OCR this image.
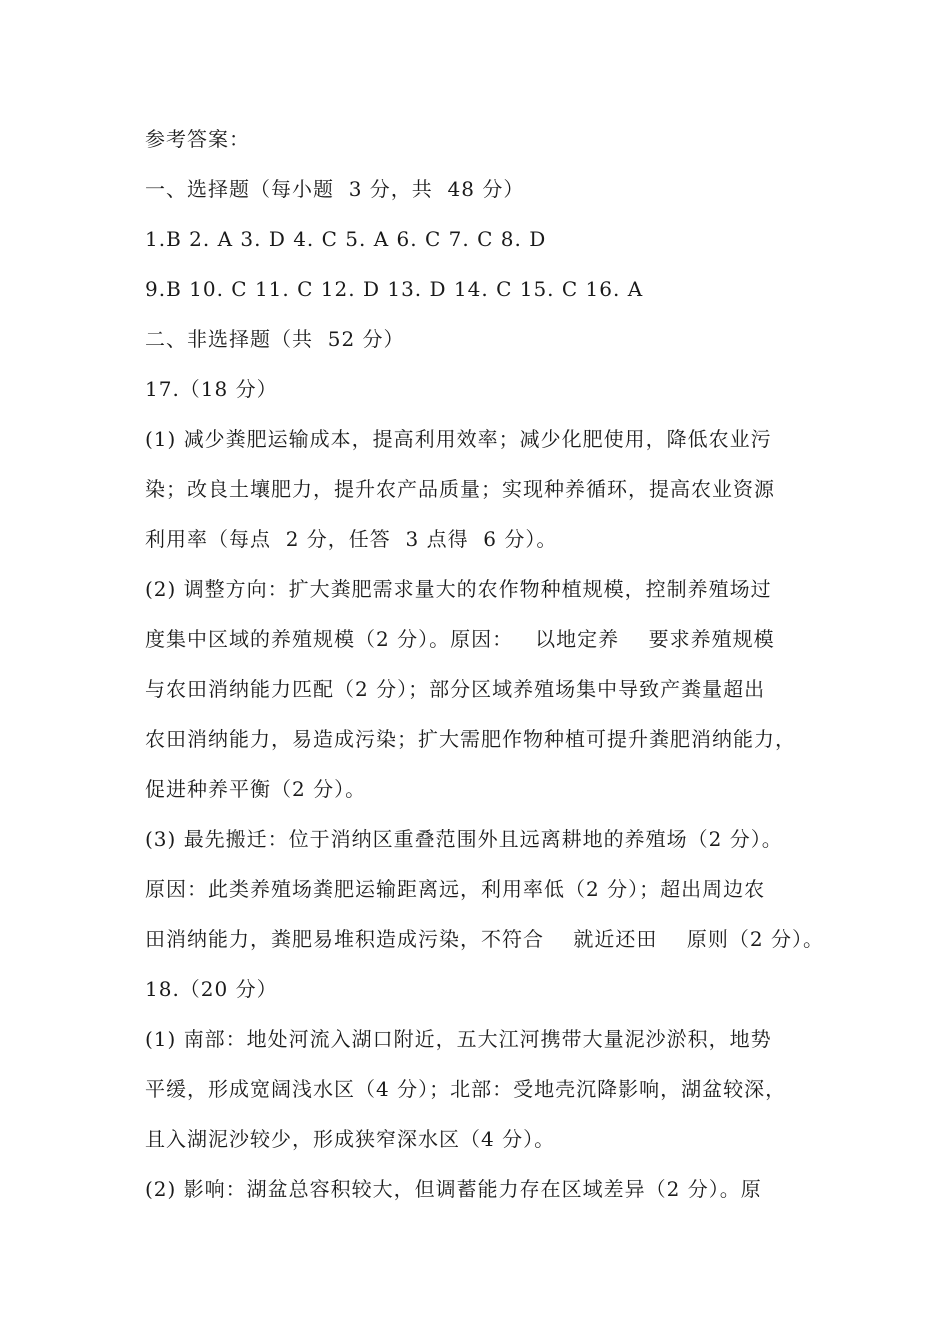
参考答案：
一、选择题（每小题  3 分，共  48 分）
1.B 2. A 3. D 4. C 5. A 6. C 7. C 8. D
9.B 10. C 11. C 12. D 13. D 14. C 15. C 16. A
二、非选择题（共  52 分）
17.（18 分）
(1) 减少粪肥运输成本，提高利用效率；减少化肥使用，降低农业污
染；改良土壤肥力，提升农产品质量；实现种养循环，提高农业资源
利用率（每点  2 分，任答  3 点得  6 分）。
(2) 调整方向：扩大粪肥需求量大的农作物种植规模，控制养殖场过
度集中区域的养殖规模（2 分）。原因：   以地定养    要求养殖规模
与农田消纳能力匹配（2 分）；部分区域养殖场集中导致产粪量超出
农田消纳能力，易造成污染；扩大需肥作物种植可提升粪肥消纳能力，
促进种养平衡（2 分）。
(3) 最先搬迁：位于消纳区重叠范围外且远离耕地的养殖场（2 分）。
原因：此类养殖场粪肥运输距离远，利用率低（2 分）；超出周边农
田消纳能力，粪肥易堆积造成污染，不符合    就近还田    原则（2 分）。
18.（20 分）
(1) 南部：地处河流入湖口附近，五大江河携带大量泥沙淤积，地势
平缓，形成宽阔浅水区（4 分）；北部：受地壳沉降影响，湖盆较深，
且入湖泥沙较少，形成狭窄深水区（4 分）。
(2) 影响：湖盆总容积较大，但调蓄能力存在区域差异（2 分）。原
